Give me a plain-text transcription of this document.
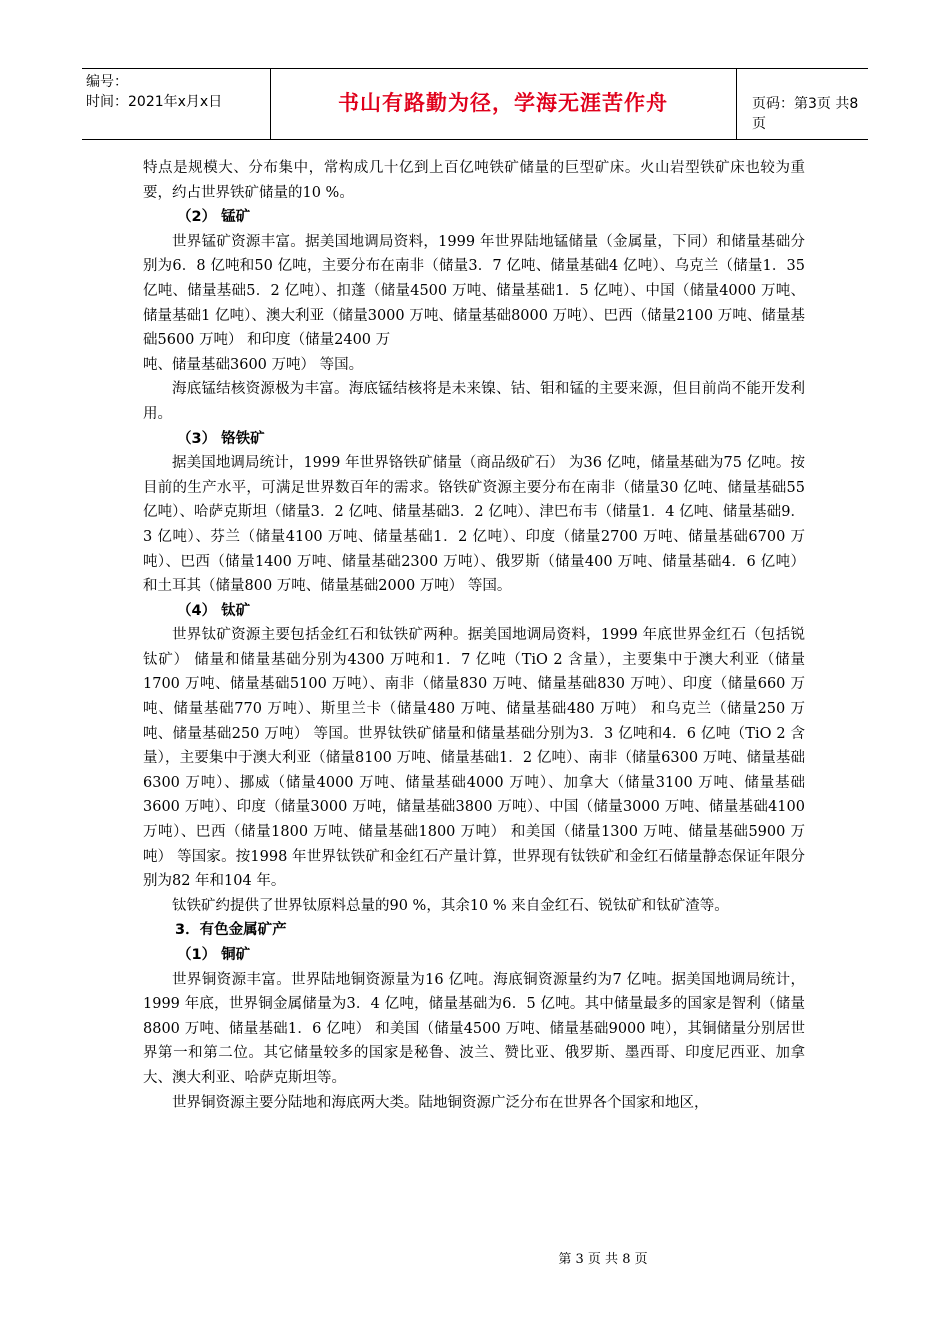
编号：
时间：2021年x月x日	书山有路勤为径，学海无涯苦作舟	页码：第3页 共8页

特点是规模大、分布集中，常构成几十亿到上百亿吨铁矿储量的巨型矿床。火山岩型铁矿床也较为重要，约占世界铁矿储量的10 %。

（2） 锰矿

世界锰矿资源丰富。据美国地调局资料，1999 年世界陆地锰储量（金属量，下同）和储量基础分别为6．8 亿吨和50 亿吨，主要分布在南非（储量3．7 亿吨、储量基础4 亿吨）、乌克兰（储量1．35 亿吨、储量基础5．2 亿吨）、扣蓬（储量4500 万吨、储量基础1．5 亿吨）、中国（储量4000 万吨、储量基础1 亿吨）、澳大利亚（储量3000 万吨、储量基础8000 万吨）、巴西（储量2100 万吨、储量基础5600 万吨） 和印度（储量2400 万

吨、储量基础3600 万吨） 等国。

海底锰结核资源极为丰富。海底锰结核将是未来镍、钴、钼和锰的主要来源，但目前尚不能开发利用。

（3） 铬铁矿

据美国地调局统计，1999 年世界铬铁矿储量（商品级矿石） 为36 亿吨，储量基础为75 亿吨。按目前的生产水平，可满足世界数百年的需求。铬铁矿资源主要分布在南非（储量30 亿吨、储量基础55 亿吨）、哈萨克斯坦（储量3．2 亿吨、储量基础3．2 亿吨）、津巴布韦（储量1．4 亿吨、储量基础9．3 亿吨）、芬兰（储量4100 万吨、储量基础1．2 亿吨）、印度（储量2700 万吨、储量基础6700 万吨）、巴西（储量1400 万吨、储量基础2300 万吨）、俄罗斯（储量400 万吨、储量基础4．6 亿吨） 和土耳其（储量800 万吨、储量基础2000 万吨） 等国。

（4） 钛矿

世界钛矿资源主要包括金红石和钛铁矿两种。据美国地调局资料，1999 年底世界金红石（包括锐钛矿） 储量和储量基础分别为4300 万吨和1．7 亿吨（TiO 2 含量），主要集中于澳大利亚（储量1700 万吨、储量基础5100 万吨）、南非（储量830 万吨、储量基础830 万吨）、印度（储量660 万吨、储量基础770 万吨）、斯里兰卡（储量480 万吨、储量基础480 万吨） 和乌克兰（储量250 万吨、储量基础250 万吨） 等国。世界钛铁矿储量和储量基础分别为3．3 亿吨和4．6 亿吨（TiO 2 含量），主要集中于澳大利亚（储量8100 万吨、储量基础1．2 亿吨）、南非（储量6300 万吨、储量基础6300 万吨）、挪威（储量4000 万吨、储量基础4000 万吨）、加拿大（储量3100 万吨、储量基础3600 万吨）、印度（储量3000 万吨，储量基础3800 万吨）、中国（储量3000 万吨、储量基础4100 万吨）、巴西（储量1800 万吨、储量基础1800 万吨） 和美国（储量1300 万吨、储量基础5900 万吨） 等国家。按1998 年世界钛铁矿和金红石产量计算，世界现有钛铁矿和金红石储量静态保证年限分别为82 年和104 年。

钛铁矿约提供了世界钛原料总量的90 %，其余10 % 来自金红石、锐钛矿和钛矿渣等。

3．有色金属矿产

（1） 铜矿

世界铜资源丰富。世界陆地铜资源量为16 亿吨。海底铜资源量约为7 亿吨。据美国地调局统计，1999 年底，世界铜金属储量为3．4 亿吨，储量基础为6．5 亿吨。其中储量最多的国家是智利（储量8800 万吨、储量基础1．6 亿吨） 和美国（储量4500 万吨、储量基础9000 吨），其铜储量分别居世界第一和第二位。其它储量较多的国家是秘鲁、波兰、赞比亚、俄罗斯、墨西哥、印度尼西亚、加拿大、澳大利亚、哈萨克斯坦等。

世界铜资源主要分陆地和海底两大类。陆地铜资源广泛分布在世界各个国家和地区，

第 3 页 共 8 页
